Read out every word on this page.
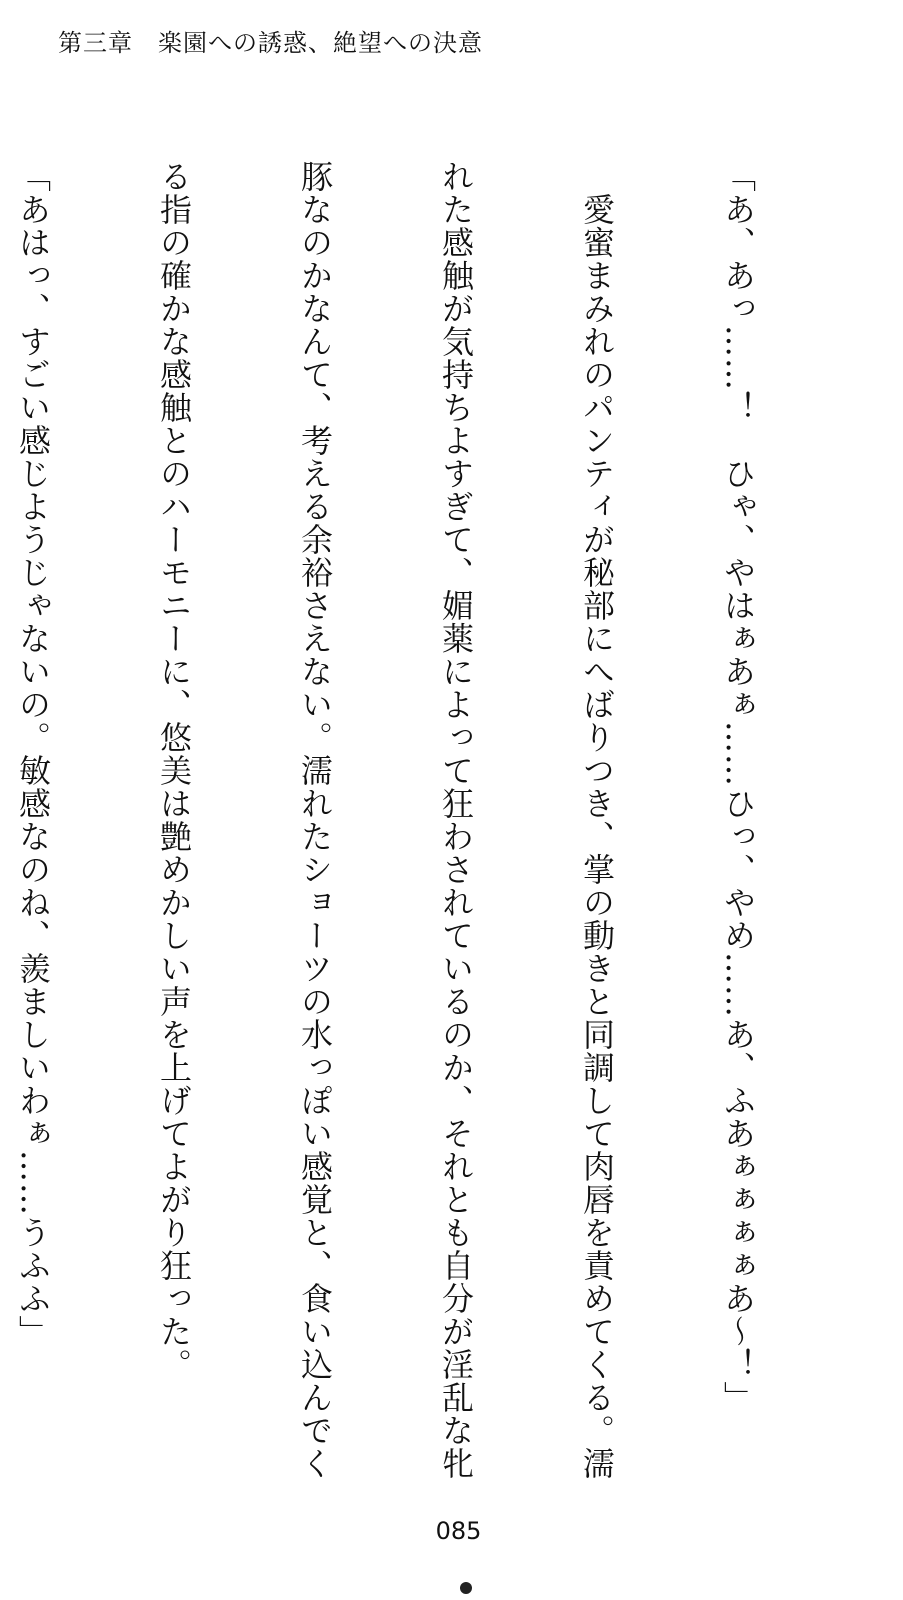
第三章　楽園への誘惑、絶望への決意

「あ、あっ……！　ひゃ、やはぁあぁ……ひっ、やめ……あ、ふあぁぁぁぁあ～！」

　愛蜜まみれのパンティが秘部にへばりつき、掌の動きと同調して肉唇を責めてくる。濡

れた感触が気持ちよすぎて、媚薬によって狂わされているのか、それとも自分が淫乱な牝

豚なのかなんて、考える余裕さえない。濡れたショーツの水っぽい感覚と、食い込んでく

る指の確かな感触とのハーモニーに、悠美は艶めかしい声を上げてよがり狂った。

「あはっ、すごい感じようじゃないの。敏感なのね、羨ましいわぁ……うふふ」

085
